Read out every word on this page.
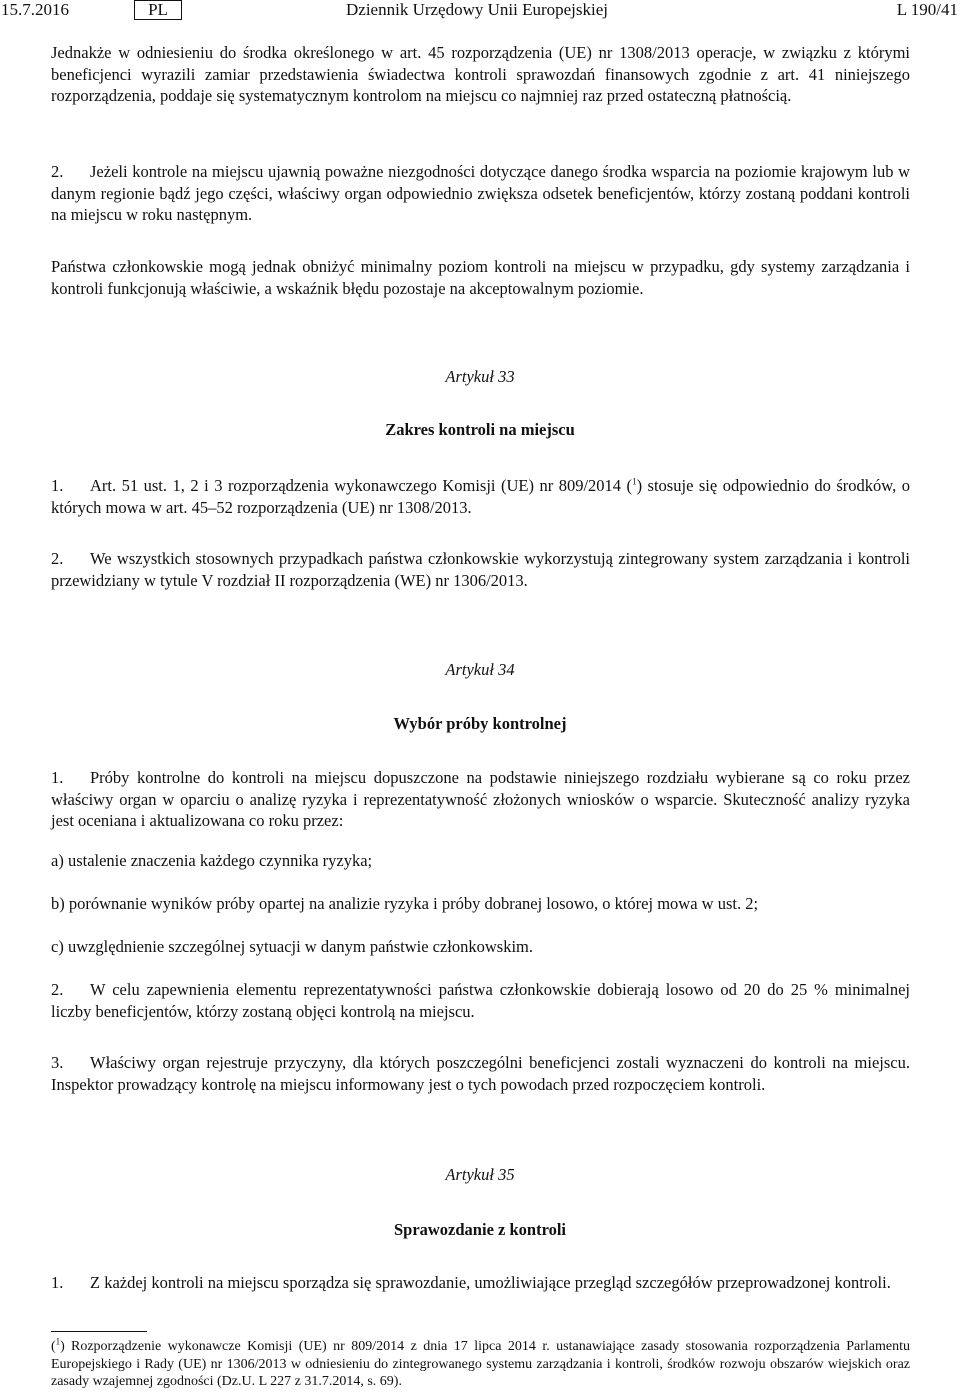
15.7.2016	PL	Dziennik Urzędowy Unii Europejskiej	L 190/41

Jednakże w odniesieniu do środka określonego w art. 45 rozporządzenia (UE) nr 1308/2013 operacje, w związku z którymi beneficjenci wyrazili zamiar przedstawienia świadectwa kontroli sprawozdań finansowych zgodnie z art. 41 niniejszego rozporządzenia, poddaje się systematycznym kontrolom na miejscu co najmniej raz przed ostateczną płatnością.

2. Jeżeli kontrole na miejscu ujawnią poważne niezgodności dotyczące danego środka wsparcia na poziomie krajowym lub w danym regionie bądź jego części, właściwy organ odpowiednio zwiększa odsetek beneficjentów, którzy zostaną poddani kontroli na miejscu w roku następnym.

Państwa członkowskie mogą jednak obniżyć minimalny poziom kontroli na miejscu w przypadku, gdy systemy zarządzania i kontroli funkcjonują właściwie, a wskaźnik błędu pozostaje na akceptowalnym poziomie.

Artykuł 33

Zakres kontroli na miejscu

1. Art. 51 ust. 1, 2 i 3 rozporządzenia wykonawczego Komisji (UE) nr 809/2014 ($^1$) stosuje się odpowiednio do środków, o których mowa w art. 45–52 rozporządzenia (UE) nr 1308/2013.

2. We wszystkich stosownych przypadkach państwa członkowskie wykorzystują zintegrowany system zarządzania i kontroli przewidziany w tytule V rozdział II rozporządzenia (WE) nr 1306/2013.

Artykuł 34

Wybór próby kontrolnej

1. Próby kontrolne do kontroli na miejscu dopuszczone na podstawie niniejszego rozdziału wybierane są co roku przez właściwy organ w oparciu o analizę ryzyka i reprezentatywność złożonych wniosków o wsparcie. Skuteczność analizy ryzyka jest oceniana i aktualizowana co roku przez:

a) ustalenie znaczenia każdego czynnika ryzyka;

b) porównanie wyników próby opartej na analizie ryzyka i próby dobranej losowo, o której mowa w ust. 2;

c) uwzględnienie szczególnej sytuacji w danym państwie członkowskim.

2. W celu zapewnienia elementu reprezentatywności państwa członkowskie dobierają losowo od 20 do 25 % minimalnej liczby beneficjentów, którzy zostaną objęci kontrolą na miejscu.

3. Właściwy organ rejestruje przyczyny, dla których poszczególni beneficjenci zostali wyznaczeni do kontroli na miejscu. Inspektor prowadzący kontrolę na miejscu informowany jest o tych powodach przed rozpoczęciem kontroli.

Artykuł 35

Sprawozdanie z kontroli

1. Z każdej kontroli na miejscu sporządza się sprawozdanie, umożliwiające przegląd szczegółów przeprowadzonej kontroli.

($^1$) Rozporządzenie wykonawcze Komisji (UE) nr 809/2014 z dnia 17 lipca 2014 r. ustanawiające zasady stosowania rozporządzenia Parlamentu Europejskiego i Rady (UE) nr 1306/2013 w odniesieniu do zintegrowanego systemu zarządzania i kontroli, środków rozwoju obszarów wiejskich oraz zasady wzajemnej zgodności (Dz.U. L 227 z 31.7.2014, s. 69).
